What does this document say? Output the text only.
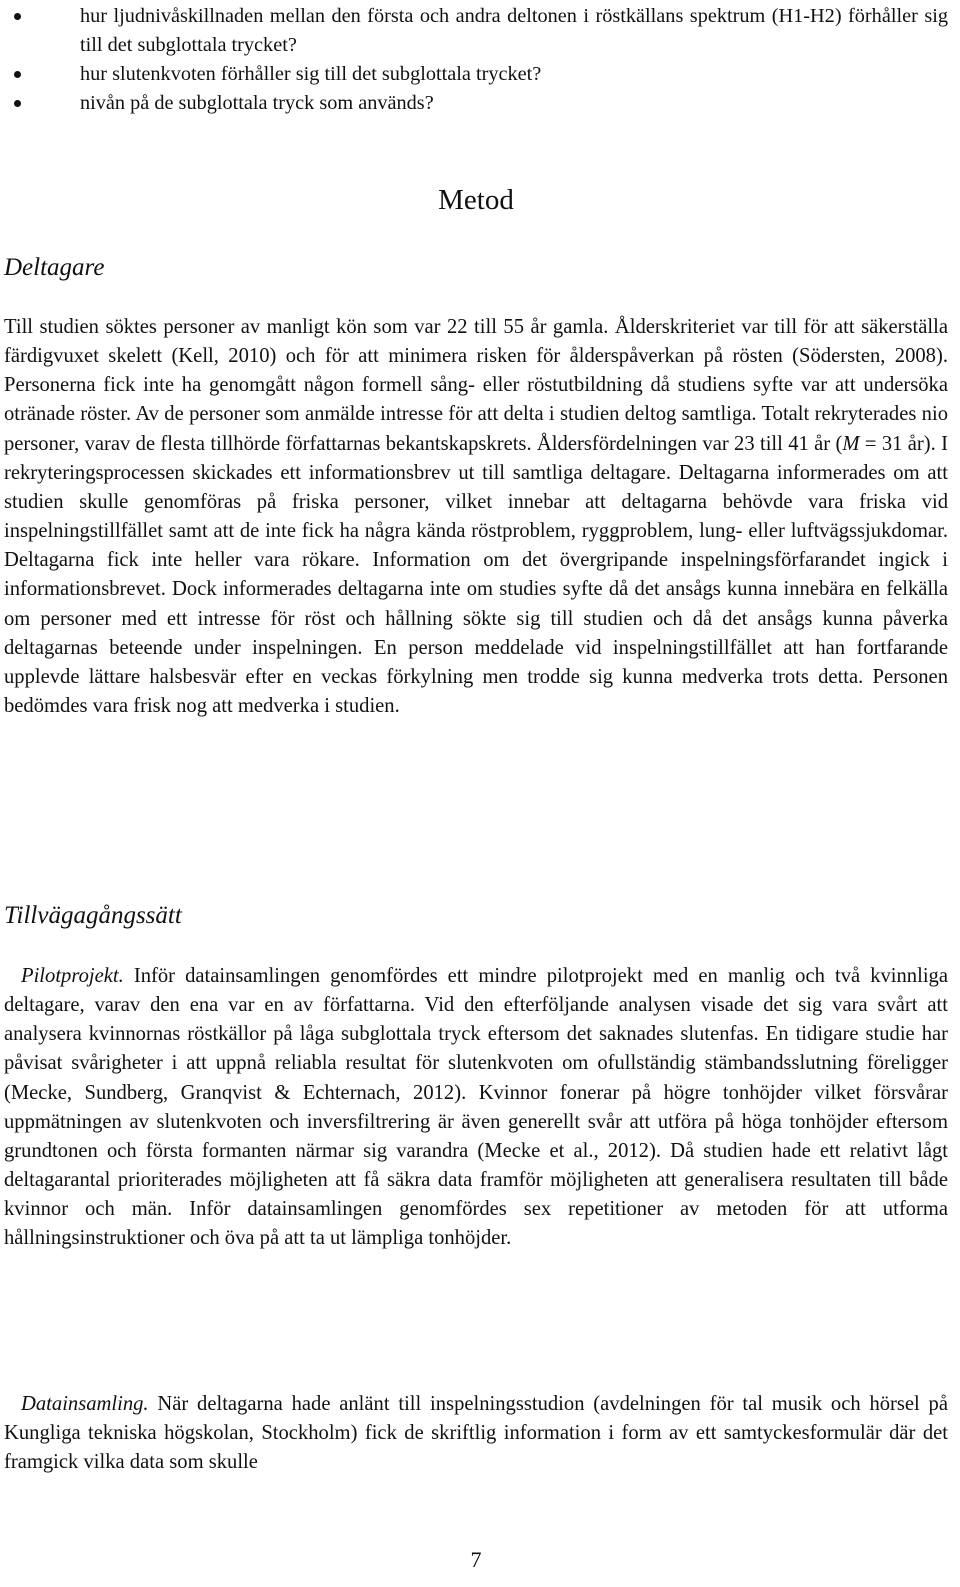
hur ljudnivåskillnaden mellan den första och andra deltonen i röstkällans spektrum (H1-H2) förhåller sig till det subglottala trycket?
hur slutenkvoten förhåller sig till det subglottala trycket?
nivån på de subglottala tryck som används?
Metod
Deltagare

Till studien söktes personer av manligt kön som var 22 till 55 år gamla. Ålderskriteriet var till för att säkerställa färdigvuxet skelett (Kell, 2010) och för att minimera risken för ålderspåverkan på rösten (Södersten, 2008). Personerna fick inte ha genomgått någon formell sång- eller röstutbildning då studiens syfte var att undersöka otränade röster. Av de personer som anmälde intresse för att delta i studien deltog samtliga. Totalt rekryterades nio personer, varav de flesta tillhörde författarnas bekantskapskrets. Åldersfördelningen var 23 till 41 år (M = 31 år). I rekryteringsprocessen skickades ett informationsbrev ut till samtliga deltagare. Deltagarna informerades om att studien skulle genomföras på friska personer, vilket innebar att deltagarna behövde vara friska vid inspelningstillfället samt att de inte fick ha några kända röstproblem, ryggproblem, lung- eller luftvägssjukdomar. Deltagarna fick inte heller vara rökare. Information om det övergripande inspelningsförfarandet ingick i informationsbrevet. Dock informerades deltagarna inte om studies syfte då det ansågs kunna innebära en felkälla om personer med ett intresse för röst och hållning sökte sig till studien och då det ansågs kunna påverka deltagarnas beteende under inspelningen. En person meddelade vid inspelningstillfället att han fortfarande upplevde lättare halsbesvär efter en veckas förkylning men trodde sig kunna medverka trots detta. Personen bedömdes vara frisk nog att medverka i studien.

Tillvägagångssätt

Pilotprojekt. Inför datainsamlingen genomfördes ett mindre pilotprojekt med en manlig och två kvinnliga deltagare, varav den ena var en av författarna. Vid den efterföljande analysen visade det sig vara svårt att analysera kvinnornas röstkällor på låga subglottala tryck eftersom det saknades slutenfas. En tidigare studie har påvisat svårigheter i att uppnå reliabla resultat för slutenkvoten om ofullständig stämbandsslutning föreligger (Mecke, Sundberg, Granqvist & Echternach, 2012). Kvinnor fonerar på högre tonhöjder vilket försvårar uppmätningen av slutenkvoten och inversfiltrering är även generellt svår att utföra på höga tonhöjder eftersom grundtonen och första formanten närmar sig varandra (Mecke et al., 2012). Då studien hade ett relativt lågt deltagarantal prioriterades möjligheten att få säkra data framför möjligheten att generalisera resultaten till både kvinnor och män. Inför datainsamlingen genomfördes sex repetitioner av metoden för att utforma hållningsinstruktioner och öva på att ta ut lämpliga tonhöjder.

Datainsamling. När deltagarna hade anlänt till inspelningsstudion (avdelningen för tal musik och hörsel på Kungliga tekniska högskolan, Stockholm) fick de skriftlig information i form av ett samtyckesformulär där det framgick vilka data som skulle

7
